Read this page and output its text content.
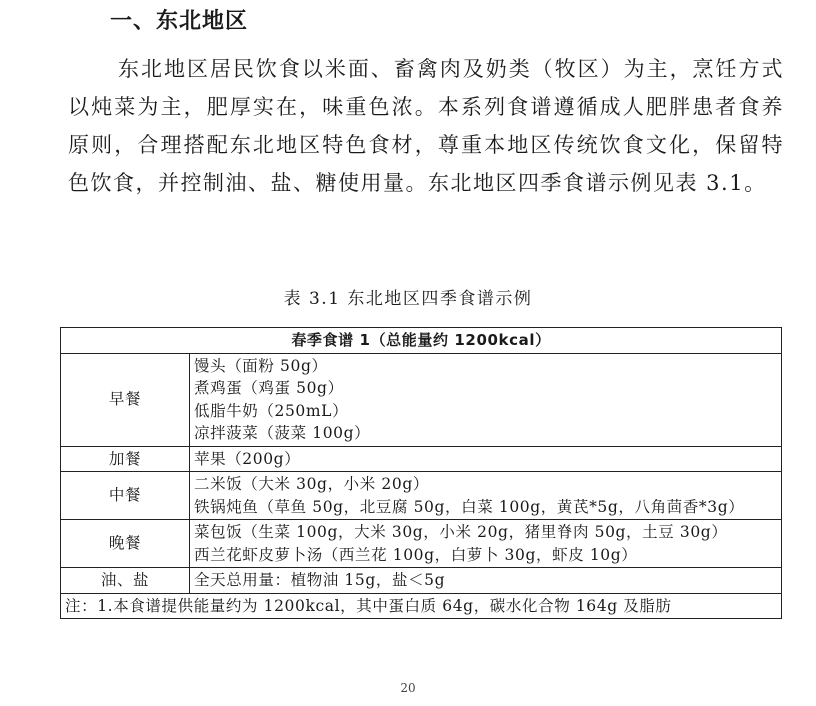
一、东北地区

东北地区居民饮食以米面、畜禽肉及奶类（牧区）为主，烹饪方式以炖菜为主，肥厚实在，味重色浓。本系列食谱遵循成人肥胖患者食养原则，合理搭配东北地区特色食材，尊重本地区传统饮食文化，保留特色饮食，并控制油、盐、糖使用量。东北地区四季食谱示例见表 3.1。

表 3.1 东北地区四季食谱示例
春季食谱 1（总能量约 1200kcal）	
早餐	馒头（面粉 50g）
煮鸡蛋（鸡蛋 50g）
低脂牛奶（250mL）
凉拌菠菜（菠菜 100g）

加餐	苹果（200g）

中餐	二米饭（大米 30g，小米 20g）
铁锅炖鱼（草鱼 50g，北豆腐 50g，白菜 100g，黄芪*5g，八角茴香*3g）

晚餐	菜包饭（生菜 100g，大米 30g，小米 20g，猪里脊肉 50g，土豆 30g）
西兰花虾皮萝卜汤（西兰花 100g，白萝卜 30g，虾皮 10g）

油、盐	全天总用量：植物油 15g，盐＜5g

注：1.本食谱提供能量约为 1200kcal，其中蛋白质 64g，碳水化合物 164g 及脂肪	
20
